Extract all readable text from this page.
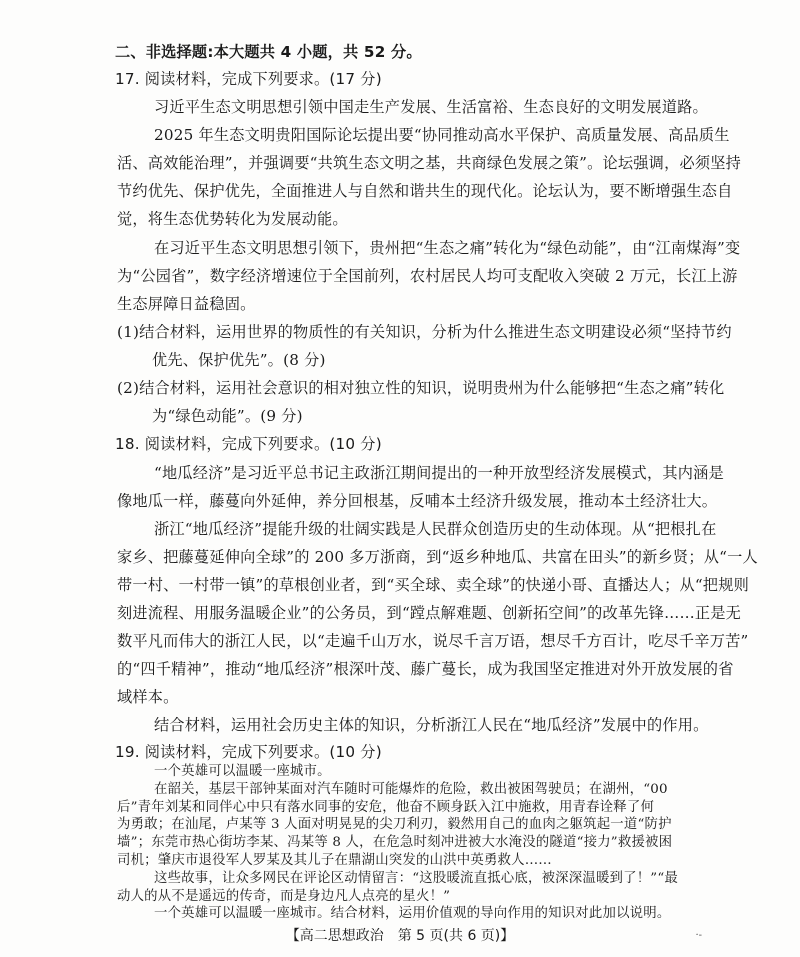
二、非选择题:本大题共 4 小题，共 52 分。
17. 阅读材料，完成下列要求。(17 分)
习近平生态文明思想引领中国走生产发展、生活富裕、生态良好的文明发展道路。
2025 年生态文明贵阳国际论坛提出要“协同推动高水平保护、高质量发展、高品质生
活、高效能治理”，并强调要“共筑生态文明之基，共商绿色发展之策”。论坛强调，必须坚持
节约优先、保护优先，全面推进人与自然和谐共生的现代化。论坛认为，要不断增强生态自
觉，将生态优势转化为发展动能。
在习近平生态文明思想引领下，贵州把“生态之痛”转化为“绿色动能”，由“江南煤海”变
为“公园省”，数字经济增速位于全国前列，农村居民人均可支配收入突破 2 万元，长江上游
生态屏障日益稳固。
(1)结合材料，运用世界的物质性的有关知识，分析为什么推进生态文明建设必须“坚持节约
优先、保护优先”。(8 分)
(2)结合材料，运用社会意识的相对独立性的知识，说明贵州为什么能够把“生态之痛”转化
为“绿色动能”。(9 分)
18. 阅读材料，完成下列要求。(10 分)
“地瓜经济”是习近平总书记主政浙江期间提出的一种开放型经济发展模式，其内涵是
像地瓜一样，藤蔓向外延伸，养分回根基，反哺本土经济升级发展，推动本土经济壮大。
浙江“地瓜经济”提能升级的壮阔实践是人民群众创造历史的生动体现。从“把根扎在
家乡、把藤蔓延伸向全球”的 200 多万浙商，到“返乡种地瓜、共富在田头”的新乡贤；从“一人
带一村、一村带一镇”的草根创业者，到“买全球、卖全球”的快递小哥、直播达人；从“把规则
刻进流程、用服务温暖企业”的公务员，到“蹚点解难题、创新拓空间”的改革先锋……正是无
数平凡而伟大的浙江人民，以“走遍千山万水，说尽千言万语，想尽千方百计，吃尽千辛万苦”
的“四千精神”，推动“地瓜经济”根深叶茂、藤广蔓长，成为我国坚定推进对外开放发展的省
域样本。
结合材料，运用社会历史主体的知识，分析浙江人民在“地瓜经济”发展中的作用。
19. 阅读材料，完成下列要求。(10 分)
一个英雄可以温暖一座城市。
在韶关，基层干部钟某面对汽车随时可能爆炸的危险，救出被困驾驶员；在湖州，“00
后”青年刘某和同伴心中只有落水同事的安危，他奋不顾身跃入江中施救，用青春诠释了何
为勇敢；在汕尾，卢某等 3 人面对明晃晃的尖刀利刃，毅然用自己的血肉之躯筑起一道“防护
墙”；东莞市热心街坊李某、冯某等 8 人，在危急时刻冲进被大水淹没的隧道“接力”救援被困
司机；肇庆市退役军人罗某及其儿子在鼎湖山突发的山洪中英勇救人……
【高二思想政治　第 5 页(共 6 页)】	·-
这些故事，让众多网民在评论区动情留言：“这股暖流直抵心底，被深深温暖到了！”“最
动人的从不是遥远的传奇，而是身边凡人点亮的星火！”
一个英雄可以温暖一座城市。结合材料，运用价值观的导向作用的知识对此加以说明。
